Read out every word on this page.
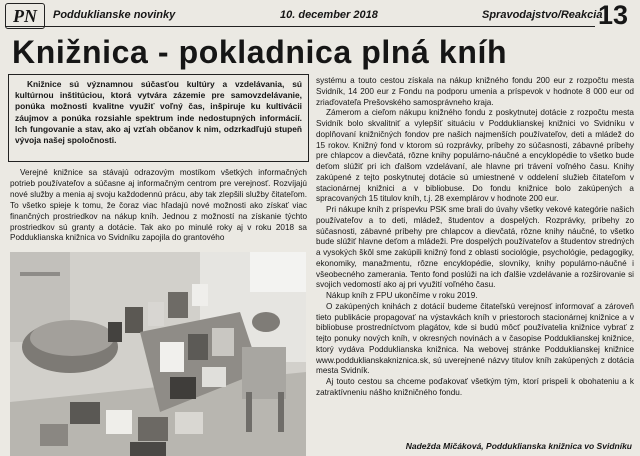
PN	Podduklianske novinky	10. december 2018	Spravodajstvo/Reakcia
13
Knižnica - pokladnica plná kníh
Knižnice sú významnou súčasťou kultúry a vzdelávania, sú kultúrnou inštitúciou, ktorá vytvára zázemie pre samovzdelávanie, ponúka možnosti kvalitne využiť voľný čas, inšpiruje ku kultivácii záujmov a ponúka rozsiahle spektrum inde nedostupných informácií. Ich fungovanie a stav, ako aj vzťah občanov k nim, odzrkadľujú stupeň vývoja našej spoločnosti.

Verejné knižnice sa stávajú odrazovým mostíkom všetkých informačných potrieb používateľov a súčasne aj informačným centrom pre verejnosť. Rozvíjajú nové služby a menia aj svoju každodennú prácu, aby tak zlepšili služby čitateľom. To všetko spieje k tomu, že čoraz viac hľadajú nové možnosti ako získať viac finančných prostriedkov na nákup kníh. Jednou z možností na získanie týchto prostriedkov sú granty a dotácie. Tak ako po minulé roky aj v roku 2018 sa Podduklianska knižnica vo Svidníku zapojila do grantového

systému a touto cestou získala na nákup knižného fondu 200 eur z rozpočtu mesta Svidník, 14 200 eur z Fondu na podporu umenia a príspevok v hodnote 8 000 eur od zriaďovateľa Prešovského samosprávneho kraja.

Zámerom a cieľom nákupu knižného fondu z poskytnutej dotácie z rozpočtu mesta Svidník bolo skvalitniť a vylepšiť situáciu v Podduklianskej knižnici vo Svidníku v doplňovaní knižničných fondov pre našich najmenších používateľov, deti a mládež do 15 rokov. Knižný fond v ktorom sú rozprávky, príbehy zo súčasnosti, zábavné príbehy pre chlapcov a dievčatá, rôzne knihy populárno-náučné a encyklopédie to všetko bude deťom slúžiť pri ich ďalšom vzdelávaní, ale hlavne pri trávení voľného času. Knihy zakúpené z tejto poskytnutej dotácie sú umiestnené v oddelení služieb čitateľom v stacionárnej knižnici a v bibliobuse. Do fondu knižnice bolo zakúpených a spracovaných 15 titulov kníh, t.j. 28 exemplárov v hodnote 200 eur.

Pri nákupe kníh z príspevku PSK sme brali do úvahy všetky vekové kategórie našich používateľov a to deti, mládež, študentov a dospelých. Rozprávky, príbehy zo súčasnosti, zábavné príbehy pre chlapcov a dievčatá, rôzne knihy náučné, to všetko bude slúžiť hlavne deťom a mládeži. Pre dospelých používateľov a študentov stredných a vysokých škôl sme zakúpili knižný fond z oblasti sociológie, psychológie, pedagogiky, ekonomiky, manažmentu, rôzne encyklopédie, slovníky, knihy populárno-náučné i všeobecného zamerania. Tento fond poslúži na ich ďalšie vzdelávanie a rozširovanie si svojich vedomostí ako aj pri využití voľného času.

Nákup kníh z FPU ukončíme v roku 2019.

O zakúpených knihách z dotácií budeme čitateľskú verejnosť informovať a zároveň tieto publikácie propagovať na výstavkách kníh v priestoroch stacionárnej knižnice a v bibliobuse prostredníctvom plagátov, kde si budú môcť používatelia knižnice vybrať z tejto ponuky nových kníh, v okresných novinách a v časopise Podduklianskej knižnice, ktorý vydáva Podduklianska knižnica. Na webovej stránke Podduklianskej knižnice www.podduklianskakniznica.sk, sú uverejnené názvy titulov kníh zakúpených z dotácia mesta Svidník.

Aj touto cestou sa chceme poďakovať všetkým tým, ktorí prispeli k obohateniu a k zatraktívneniu nášho knižničného fondu.

Nadežda Mičáková, Podduklianska knižnica vo Svidníku
